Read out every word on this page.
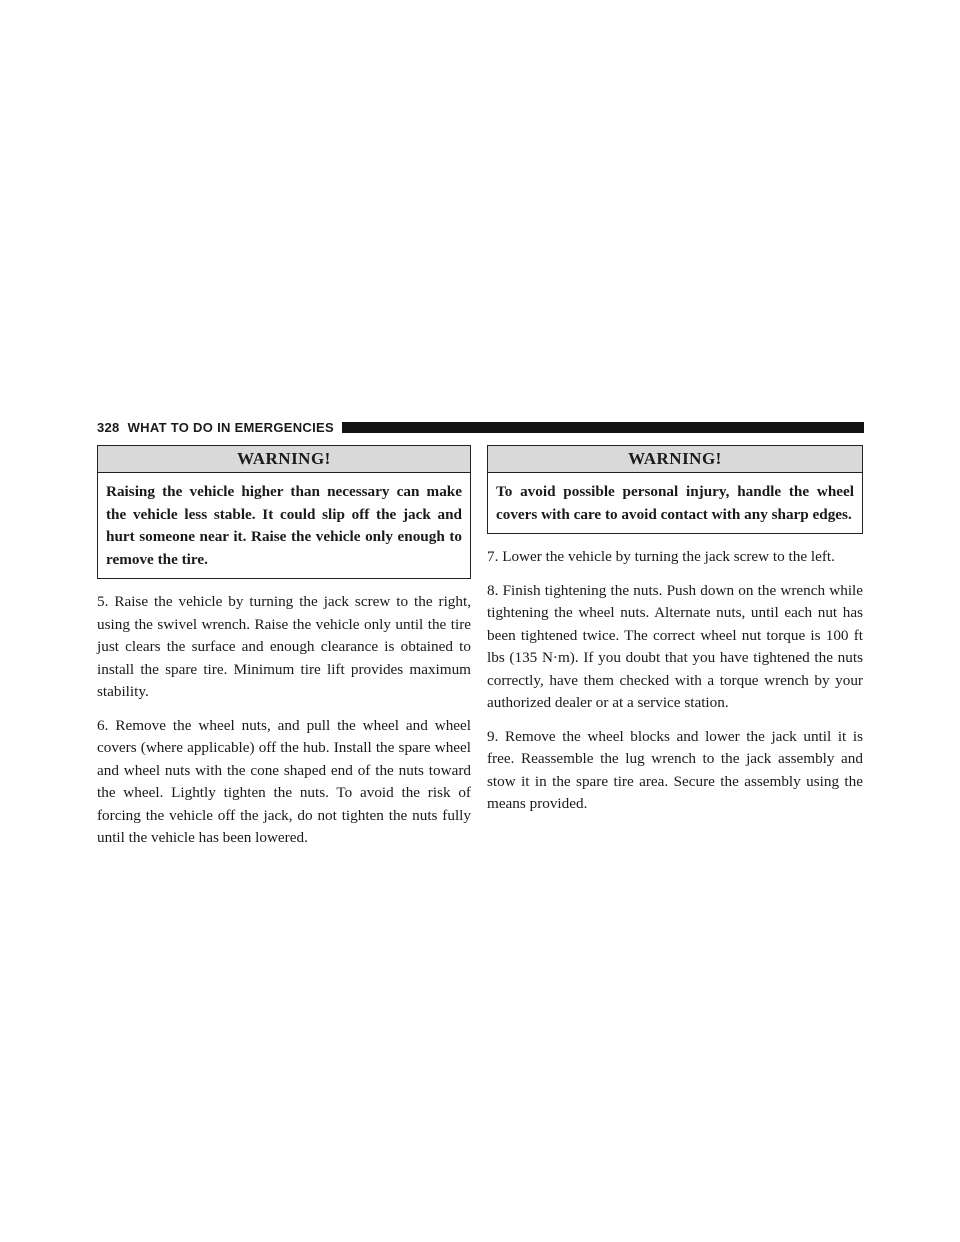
328 WHAT TO DO IN EMERGENCIES
WARNING!
Raising the vehicle higher than necessary can make the vehicle less stable. It could slip off the jack and hurt someone near it. Raise the vehicle only enough to remove the tire.

5. Raise the vehicle by turning the jack screw to the right, using the swivel wrench. Raise the vehicle only until the tire just clears the surface and enough clearance is obtained to install the spare tire. Minimum tire lift provides maximum stability.

6. Remove the wheel nuts, and pull the wheel and wheel covers (where applicable) off the hub. Install the spare wheel and wheel nuts with the cone shaped end of the nuts toward the wheel. Lightly tighten the nuts. To avoid the risk of forcing the vehicle off the jack, do not tighten the nuts fully until the vehicle has been lowered.

WARNING!
To avoid possible personal injury, handle the wheel covers with care to avoid contact with any sharp edges.

7. Lower the vehicle by turning the jack screw to the left.

8. Finish tightening the nuts. Push down on the wrench while tightening the wheel nuts. Alternate nuts, until each nut has been tightened twice. The correct wheel nut torque is 100 ft lbs (135 N·m). If you doubt that you have tightened the nuts correctly, have them checked with a torque wrench by your authorized dealer or at a service station.

9. Remove the wheel blocks and lower the jack until it is free. Reassemble the lug wrench to the jack assembly and stow it in the spare tire area. Secure the assembly using the means provided.
